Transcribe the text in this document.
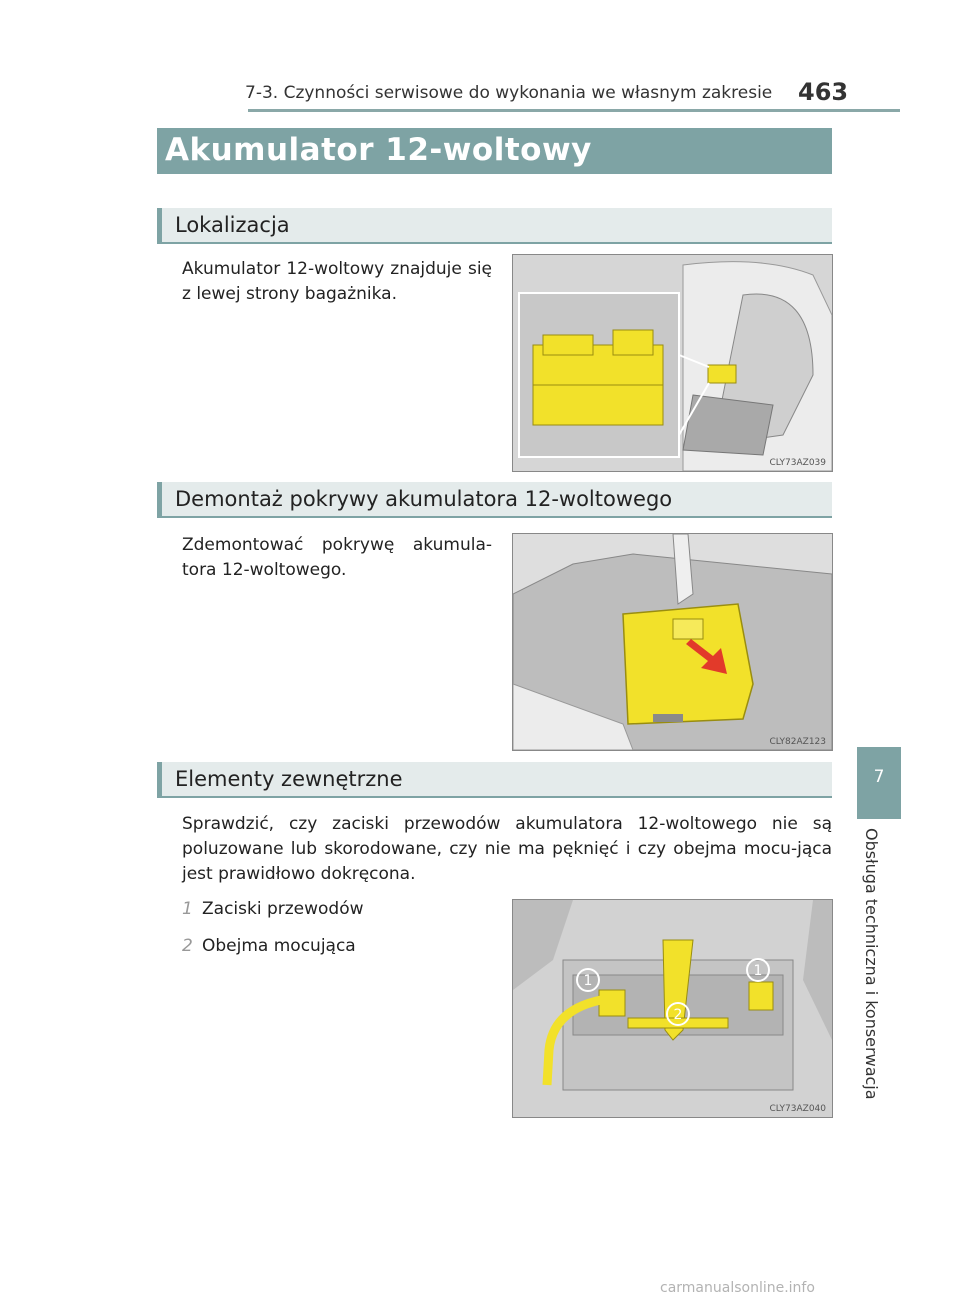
7-3. Czynności serwisowe do wykonania we własnym zakresie 463
Akumulator 12-woltowy
Lokalizacja
Akumulator 12-woltowy znajduje się z lewej strony bagażnika.
CLY73AZ039
Demontaż pokrywy akumulatora 12-woltowego
Zdemontować pokrywę akumula-tora 12-woltowego.
CLY82AZ123
Elementy zewnętrzne
Sprawdzić, czy zaciski przewodów akumulatora 12-woltowego nie są poluzowane lub skorodowane, czy nie ma pęknięć i czy obejma mocu-jąca jest prawidłowo dokręcona.
1 Zaciski przewodów
2 Obejma mocująca
1
2
1
CLY73AZ040
7
Obsługa techniczna i konserwacja
carmanualsonline.info
